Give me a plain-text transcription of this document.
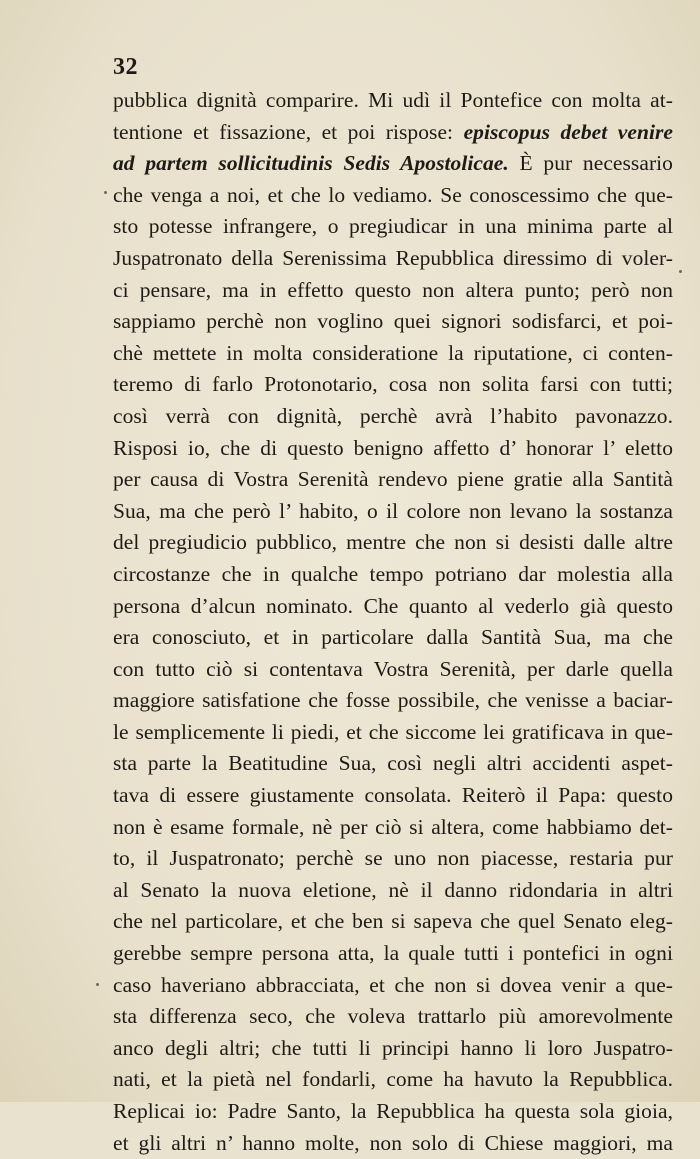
32
pubblica dignità comparire. Mi udì il Pontefice con molta at-
tentione et fissazione, et poi rispose: episcopus debet venire
ad partem sollicitudinis Sedis Apostolicae. È pur necessario
che venga a noi, et che lo vediamo. Se conoscessimo che que-
sto potesse infrangere, o pregiudicar in una minima parte al
Juspatronato della Serenissima Repubblica diressimo di voler-
ci pensare, ma in effetto questo non altera punto; però non
sappiamo perchè non voglino quei signori sodisfarci, et poi-
chè mettete in molta consideratione la riputatione, ci conten-
teremo di farlo Protonotario, cosa non solita farsi con tutti;
così verrà con dignità, perchè avrà l’habito pavonazzo.
Risposi io, che di questo benigno affetto d’ honorar l’ eletto
per causa di Vostra Serenità rendevo piene gratie alla Santità
Sua, ma che però l’ habito, o il colore non levano la sostanza
del pregiudicio pubblico, mentre che non si desisti dalle altre
circostanze che in qualche tempo potriano dar molestia alla
persona d’alcun nominato. Che quanto al vederlo già questo
era conosciuto, et in particolare dalla Santità Sua, ma che
con tutto ciò si contentava Vostra Serenità, per darle quella
maggiore satisfatione che fosse possibile, che venisse a baciar-
le semplicemente li piedi, et che siccome lei gratificava in que-
sta parte la Beatitudine Sua, così negli altri accidenti aspet-
tava di essere giustamente consolata. Reiterò il Papa: questo
non è esame formale, nè per ciò si altera, come habbiamo det-
to, il Juspatronato; perchè se uno non piacesse, restaria pur
al Senato la nuova eletione, nè il danno ridondaria in altri
che nel particolare, et che ben si sapeva che quel Senato eleg-
gerebbe sempre persona atta, la quale tutti i pontefici in ogni
caso haveriano abbracciata, et che non si dovea venir a que-
sta differenza seco, che voleva trattarlo più amorevolmente
anco degli altri; che tutti li principi hanno li loro Juspatro-
nati, et la pietà nel fondarli, come ha havuto la Repubblica.
Replicai io: Padre Santo, la Repubblica ha questa sola gioia,
et gli altri n’ hanno molte, non solo di Chiese maggiori, ma
